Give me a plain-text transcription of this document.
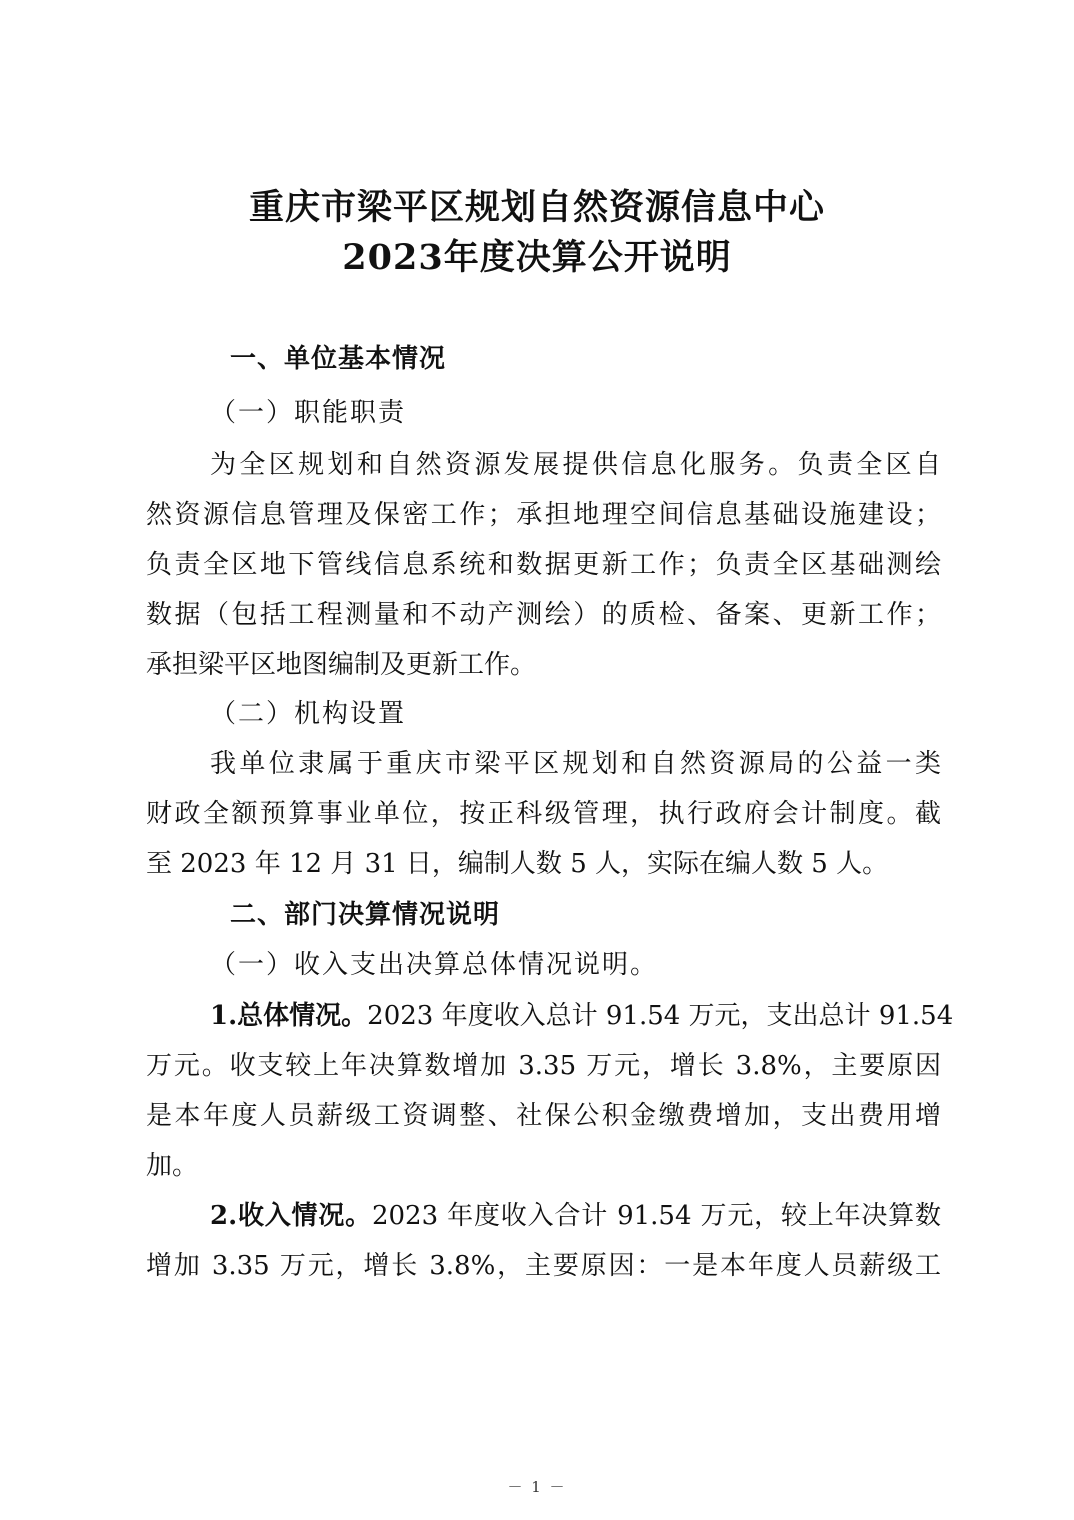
重庆市梁平区规划自然资源信息中心
2023年度决算公开说明
一、单位基本情况
（一）职能职责
为全区规划和自然资源发展提供信息化服务。负责全区自
然资源信息管理及保密工作；承担地理空间信息基础设施建设；
负责全区地下管线信息系统和数据更新工作；负责全区基础测绘
数据（包括工程测量和不动产测绘）的质检、备案、更新工作；
承担梁平区地图编制及更新工作。
（二）机构设置
我单位隶属于重庆市梁平区规划和自然资源局的公益一类
财政全额预算事业单位，按正科级管理，执行政府会计制度。截
至 2023 年 12 月 31 日，编制人数 5 人，实际在编人数 5 人。
二、部门决算情况说明
（一）收入支出决算总体情况说明。
1.总体情况。2023 年度收入总计 91.54 万元，支出总计 91.54
万元。收支较上年决算数增加 3.35 万元，增长 3.8%，主要原因
是本年度人员薪级工资调整、社保公积金缴费增加，支出费用增
加。
2.收入情况。2023 年度收入合计 91.54 万元，较上年决算数
增加 3.35 万元，增长 3.8%，主要原因：一是本年度人员薪级工
－ 1 －
